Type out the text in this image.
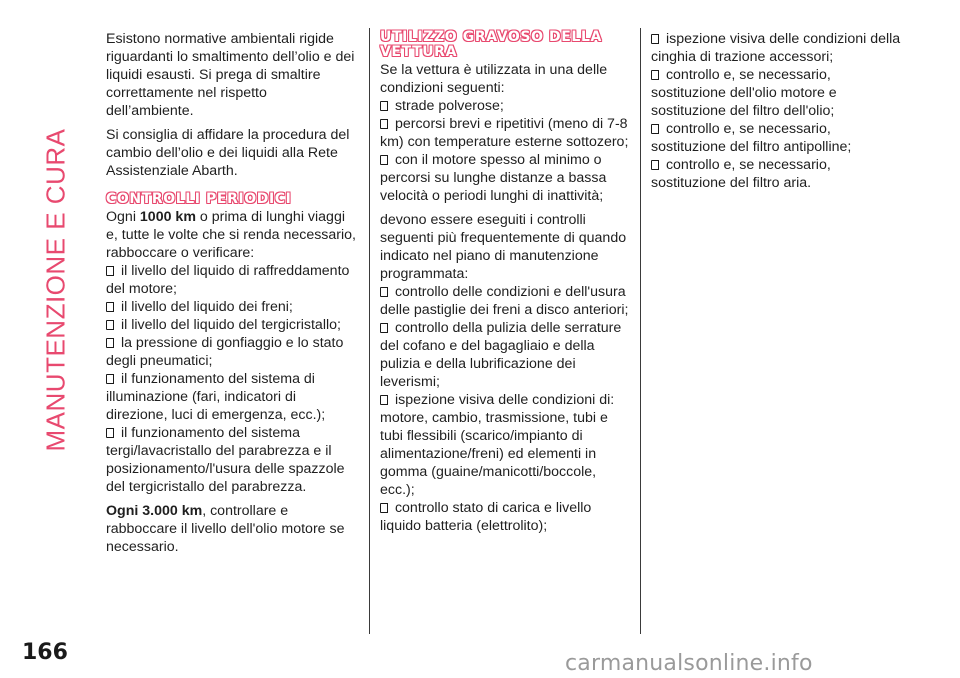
MANUTENZIONE E CURA

Esistono normative ambientali rigide riguardanti lo smaltimento dell’olio e dei liquidi esausti. Si prega di smaltire correttamente nel rispetto dell’ambiente.

Si consiglia di affidare la procedura del cambio dell’olio e dei liquidi alla Rete Assistenziale Abarth.

CONTROLLI PERIODICI

Ogni 1000 km o prima di lunghi viaggi e, tutte le volte che si renda necessario, rabboccare o verificare:

il livello del liquido di raffreddamento del motore;
il livello del liquido dei freni;
il livello del liquido del tergicristallo;
la pressione di gonfiaggio e lo stato degli pneumatici;
il funzionamento del sistema di illuminazione (fari, indicatori di direzione, luci di emergenza, ecc.);
il funzionamento del sistema tergi/lavacristallo del parabrezza e il posizionamento/l'usura delle spazzole del tergicristallo del parabrezza.

Ogni 3.000 km, controllare e rabboccare il livello dell'olio motore se necessario.

UTILIZZO GRAVOSO DELLA VETTURA

Se la vettura è utilizzata in una delle condizioni seguenti:

strade polverose;
percorsi brevi e ripetitivi (meno di 7-8 km) con temperature esterne sottozero;
con il motore spesso al minimo o percorsi su lunghe distanze a bassa velocità o periodi lunghi di inattività;

devono essere eseguiti i controlli seguenti più frequentemente di quando indicato nel piano di manutenzione programmata:

controllo delle condizioni e dell'usura delle pastiglie dei freni a disco anteriori;
controllo della pulizia delle serrature del cofano e del bagagliaio e della pulizia e della lubrificazione dei leverismi;
ispezione visiva delle condizioni di: motore, cambio, trasmissione, tubi e tubi flessibili (scarico/impianto di alimentazione/freni) ed elementi in gomma (guaine/manicotti/boccole, ecc.);
controllo stato di carica e livello liquido batteria (elettrolito);
ispezione visiva delle condizioni della cinghia di trazione accessori;
controllo e, se necessario, sostituzione dell'olio motore e sostituzione del filtro dell'olio;
controllo e, se necessario, sostituzione del filtro antipolline;
controllo e, se necessario, sostituzione del filtro aria.
166	carmanualsonline.info
